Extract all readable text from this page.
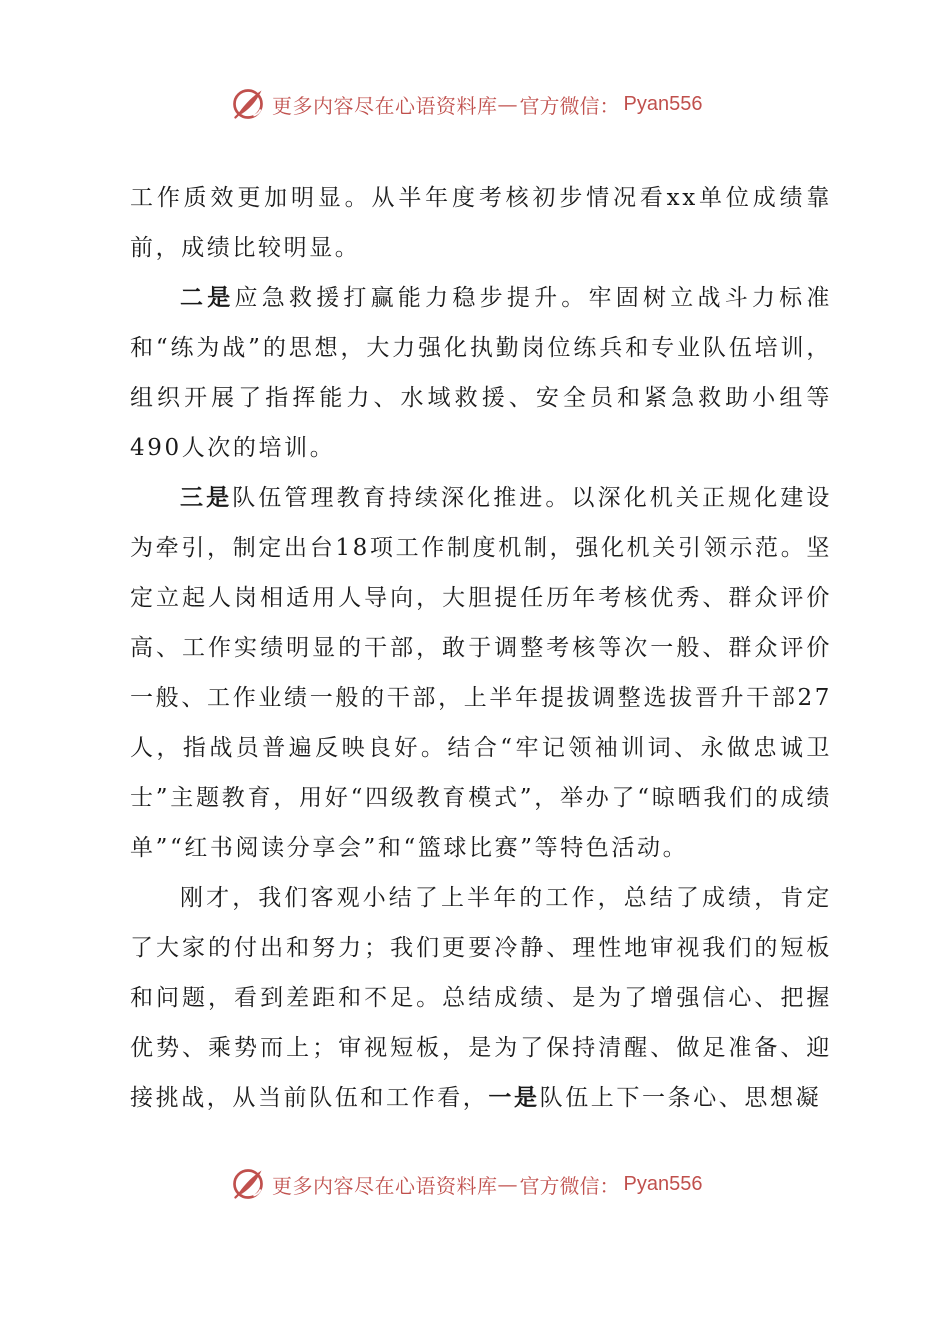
更多内容尽在心语资料库 — 官方微信： Pyan556

工作质效更加明显。从半年度考核初步情况看xx单位成绩靠前，成绩比较明显。

二是应急救援打赢能力稳步提升。牢固树立战斗力标准和“练为战”的思想，大力强化执勤岗位练兵和专业队伍培训，组织开展了指挥能力、水域救援、安全员和紧急救助小组等490人次的培训。

三是队伍管理教育持续深化推进。以深化机关正规化建设为牵引，制定出台18项工作制度机制，强化机关引领示范。坚定立起人岗相适用人导向，大胆提任历年考核优秀、群众评价高、工作实绩明显的干部，敢于调整考核等次一般、群众评价一般、工作业绩一般的干部，上半年提拔调整选拔晋升干部27人，指战员普遍反映良好。结合“牢记领袖训词、永做忠诚卫士”主题教育，用好“四级教育模式”，举办了“晾晒我们的成绩单”“红书阅读分享会”和“篮球比赛”等特色活动。

刚才，我们客观小结了上半年的工作，总结了成绩，肯定了大家的付出和努力；我们更要冷静、理性地审视我们的短板和问题，看到差距和不足。总结成绩、是为了增强信心、把握优势、乘势而上；审视短板，是为了保持清醒、做足准备、迎接挑战，从当前队伍和工作看，一是队伍上下一条心、思想凝

更多内容尽在心语资料库 — 官方微信： Pyan556
